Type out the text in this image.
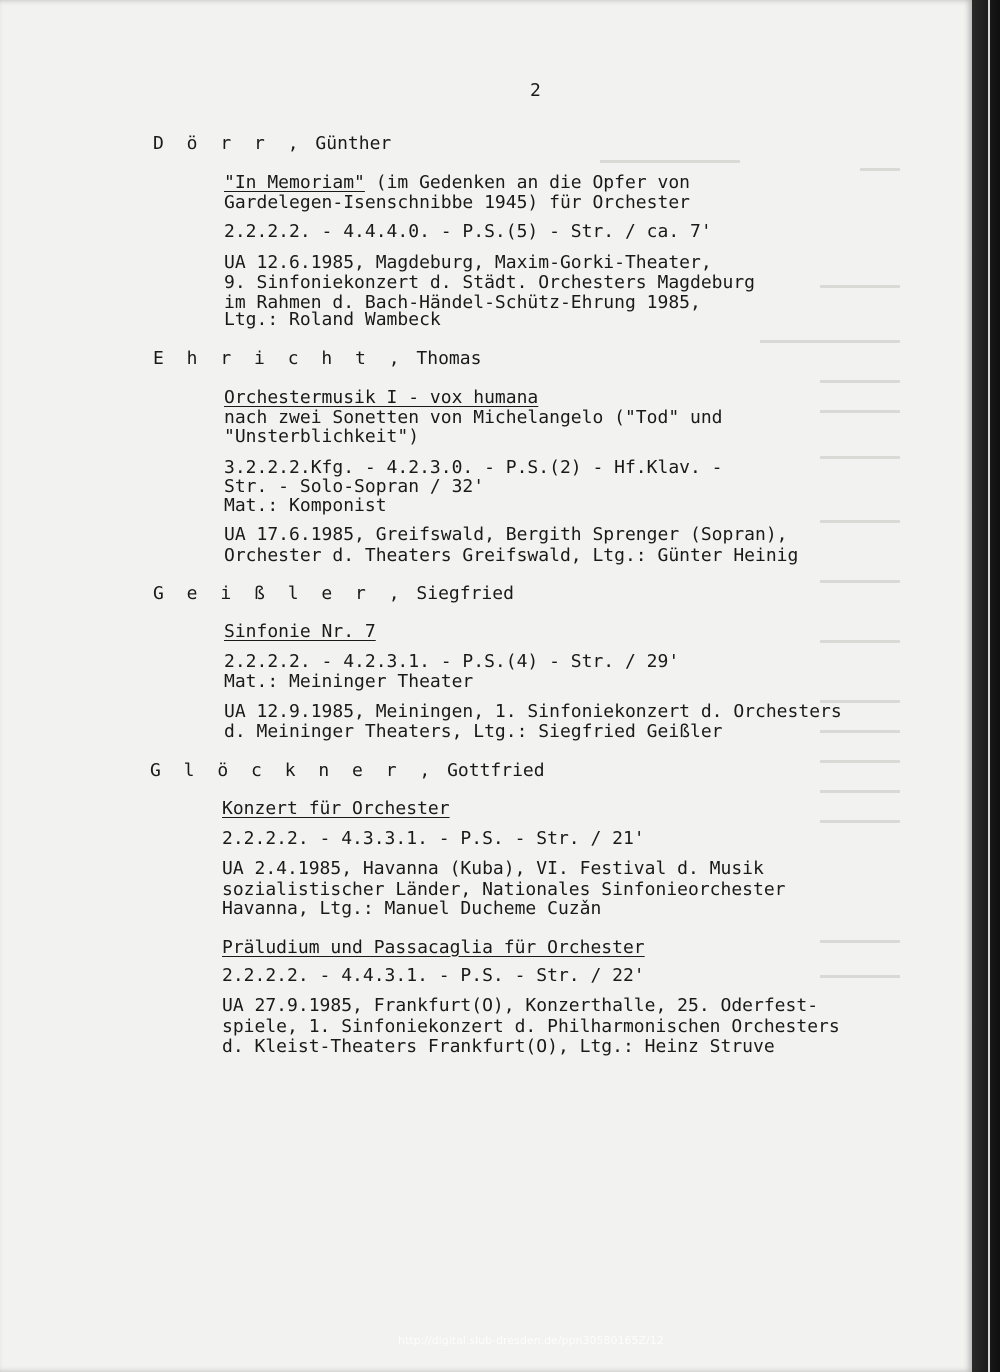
2
D ö r r , Günther
"In Memoriam" (im Gedenken an die Opfer von
Gardelegen-Isenschnibbe 1945) für Orchester
2.2.2.2. - 4.4.4.0. - P.S.(5) - Str. / ca. 7'
UA 12.6.1985, Magdeburg, Maxim-Gorki-Theater,
9. Sinfoniekonzert d. Städt. Orchesters Magdeburg
im Rahmen d. Bach-Händel-Schütz-Ehrung 1985,
Ltg.: Roland Wambeck
E h r i c h t , Thomas
Orchestermusik I - vox humana
nach zwei Sonetten von Michelangelo ("Tod" und
"Unsterblichkeit")
3.2.2.2.Kfg. - 4.2.3.0. - P.S.(2) - Hf.Klav. -
Str. - Solo-Sopran / 32'
Mat.: Komponist
UA 17.6.1985, Greifswald, Bergith Sprenger (Sopran),
Orchester d. Theaters Greifswald, Ltg.: Günter Heinig
G e i ß l e r , Siegfried
Sinfonie Nr. 7
2.2.2.2. - 4.2.3.1. - P.S.(4) - Str. / 29'
Mat.: Meininger Theater
UA 12.9.1985, Meiningen, 1. Sinfoniekonzert d. Orchesters
d. Meininger Theaters, Ltg.: Siegfried Geißler
G l ö c k n e r , Gottfried
Konzert für Orchester
2.2.2.2. - 4.3.3.1. - P.S. - Str. / 21'
UA 2.4.1985, Havanna (Kuba), VI. Festival d. Musik
sozialistischer Länder, Nationales Sinfonieorchester
Havanna, Ltg.: Manuel Ducheme Cuzǎn
Präludium und Passacaglia für Orchester
2.2.2.2. - 4.4.3.1. - P.S. - Str. / 22'
UA 27.9.1985, Frankfurt(O), Konzerthalle, 25. Oderfest-
spiele, 1. Sinfoniekonzert d. Philharmonischen Orchesters
d. Kleist-Theaters Frankfurt(O), Ltg.: Heinz Struve
http://digital.slub-dresden.de/ppn30580165Z/12
